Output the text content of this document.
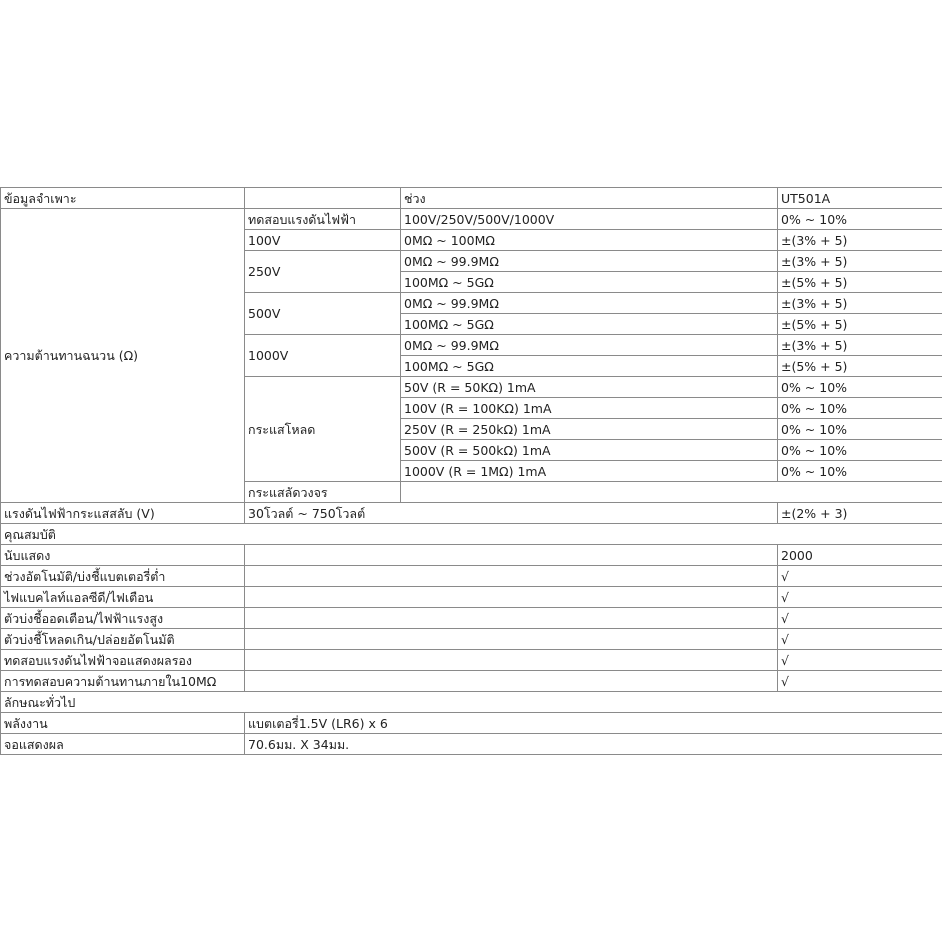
ข้อมูลจำเพาะ		ช่วง	UT501A	
ความต้านทานฉนวน (Ω)	ทดสอบแรงดันไฟฟ้า	100V/250V/500V/1000V	0% ~ 10%	
	100V	0MΩ ~ 100MΩ	±(3% + 5)	
	250V	0MΩ ~ 99.9MΩ	±(3% + 5)	
		100MΩ ~ 5GΩ	±(5% + 5)	
	500V	0MΩ ~ 99.9MΩ	±(3% + 5)	
		100MΩ ~ 5GΩ	±(5% + 5)	
	1000V	0MΩ ~ 99.9MΩ	±(3% + 5)	
		100MΩ ~ 5GΩ	±(5% + 5)	
	กระแสโหลด	50V (R = 50KΩ) 1mA	0% ~ 10%	
		100V (R = 100KΩ) 1mA	0% ~ 10%	
		250V (R = 250kΩ) 1mA	0% ~ 10%	
		500V (R = 500kΩ) 1mA	0% ~ 10%	
		1000V (R = 1MΩ) 1mA	0% ~ 10%	
	กระแสลัดวงจร		
แรงดันไฟฟ้ากระแสสลับ (V)	30โวลต์ ~ 750โวลต์		±(2% + 3)	
คุณสมบัติ				
นับแสดง			2000	
ช่วงอัตโนมัติ/บ่งชี้แบตเตอรี่ต่ำ			√	
ไฟแบคไลท์แอลซีดี/ไฟเตือน			√	
ตัวบ่งชี้ออดเตือน/ไฟฟ้าแรงสูง			√	
ตัวบ่งชี้โหลดเกิน/ปล่อยอัตโนมัติ			√	
ทดสอบแรงดันไฟฟ้าจอแสดงผลรอง			√	
การทดสอบความต้านทานภายใน10MΩ			√	
ลักษณะทั่วไป				
พลังงาน	แบตเตอรี่1.5V (LR6) x 6			
จอแสดงผล	70.6มม. X 34มม.			
